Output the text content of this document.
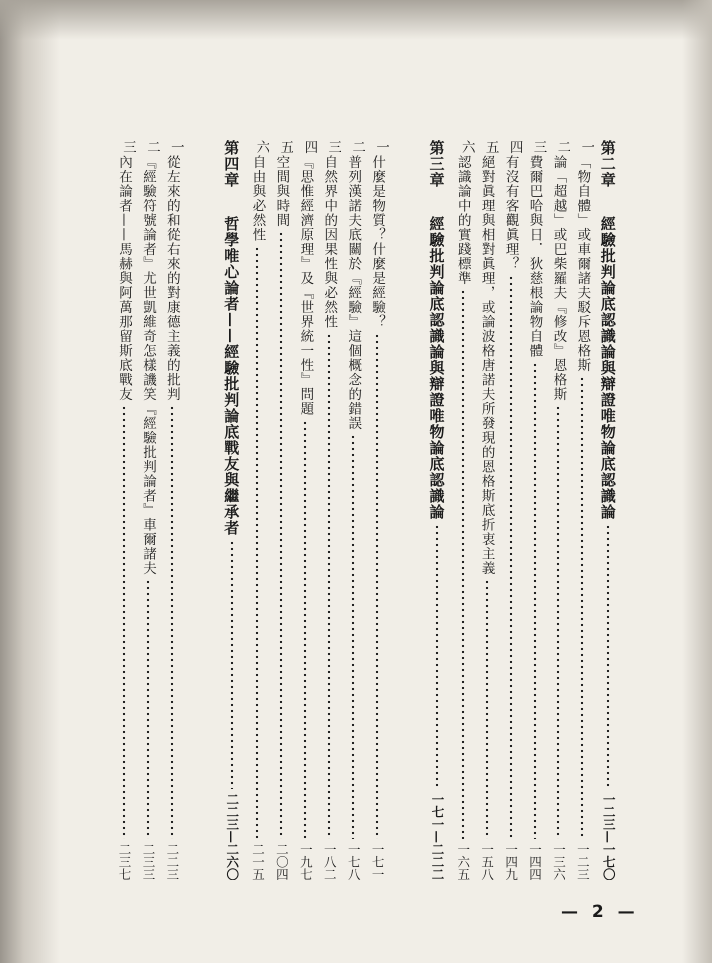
第二章
經驗批判論底認識論與辯證唯物論底認識論
一二三—一七〇
一
「物自體」或車爾諸夫駁斥恩格斯
一二三
二
論「超越」或巴柴羅夫『修改』恩格斯
一三六
三
費爾巴哈與日．狄慈根論物自體
一四四
四
有沒有客觀眞理？
一四九
五
絕對眞理與相對眞理，或論波格唐諾夫所發現的恩格斯底折衷主義
一五八
六
認識論中的實踐標準
一六五
第三章
經驗批判論底認識論與辯證唯物論底認識論
一七一—二二二
一
什麼是物質？什麼是經驗？
一七一
二
普列漢諾夫底關於『經驗』這個概念的錯誤
一七八
三
自然界中的因果性與必然性
一八二
四
『思惟經濟原理』及『世界統一性』問題
一九七
五
空間與時間
二〇四
六
自由與必然性
二一五
第四章
哲學唯心論者——經驗批判論底戰友與繼承者
二二三—二六〇
一
從左來的和從右來的對康德主義的批判
二二三
二
『經驗符號論者』尤世凱維奇怎樣譏笑『經驗批判論者』車爾諸夫
二三三
三
內在論者——馬赫與阿萬那留斯底戰友
二三七
— 2 —
